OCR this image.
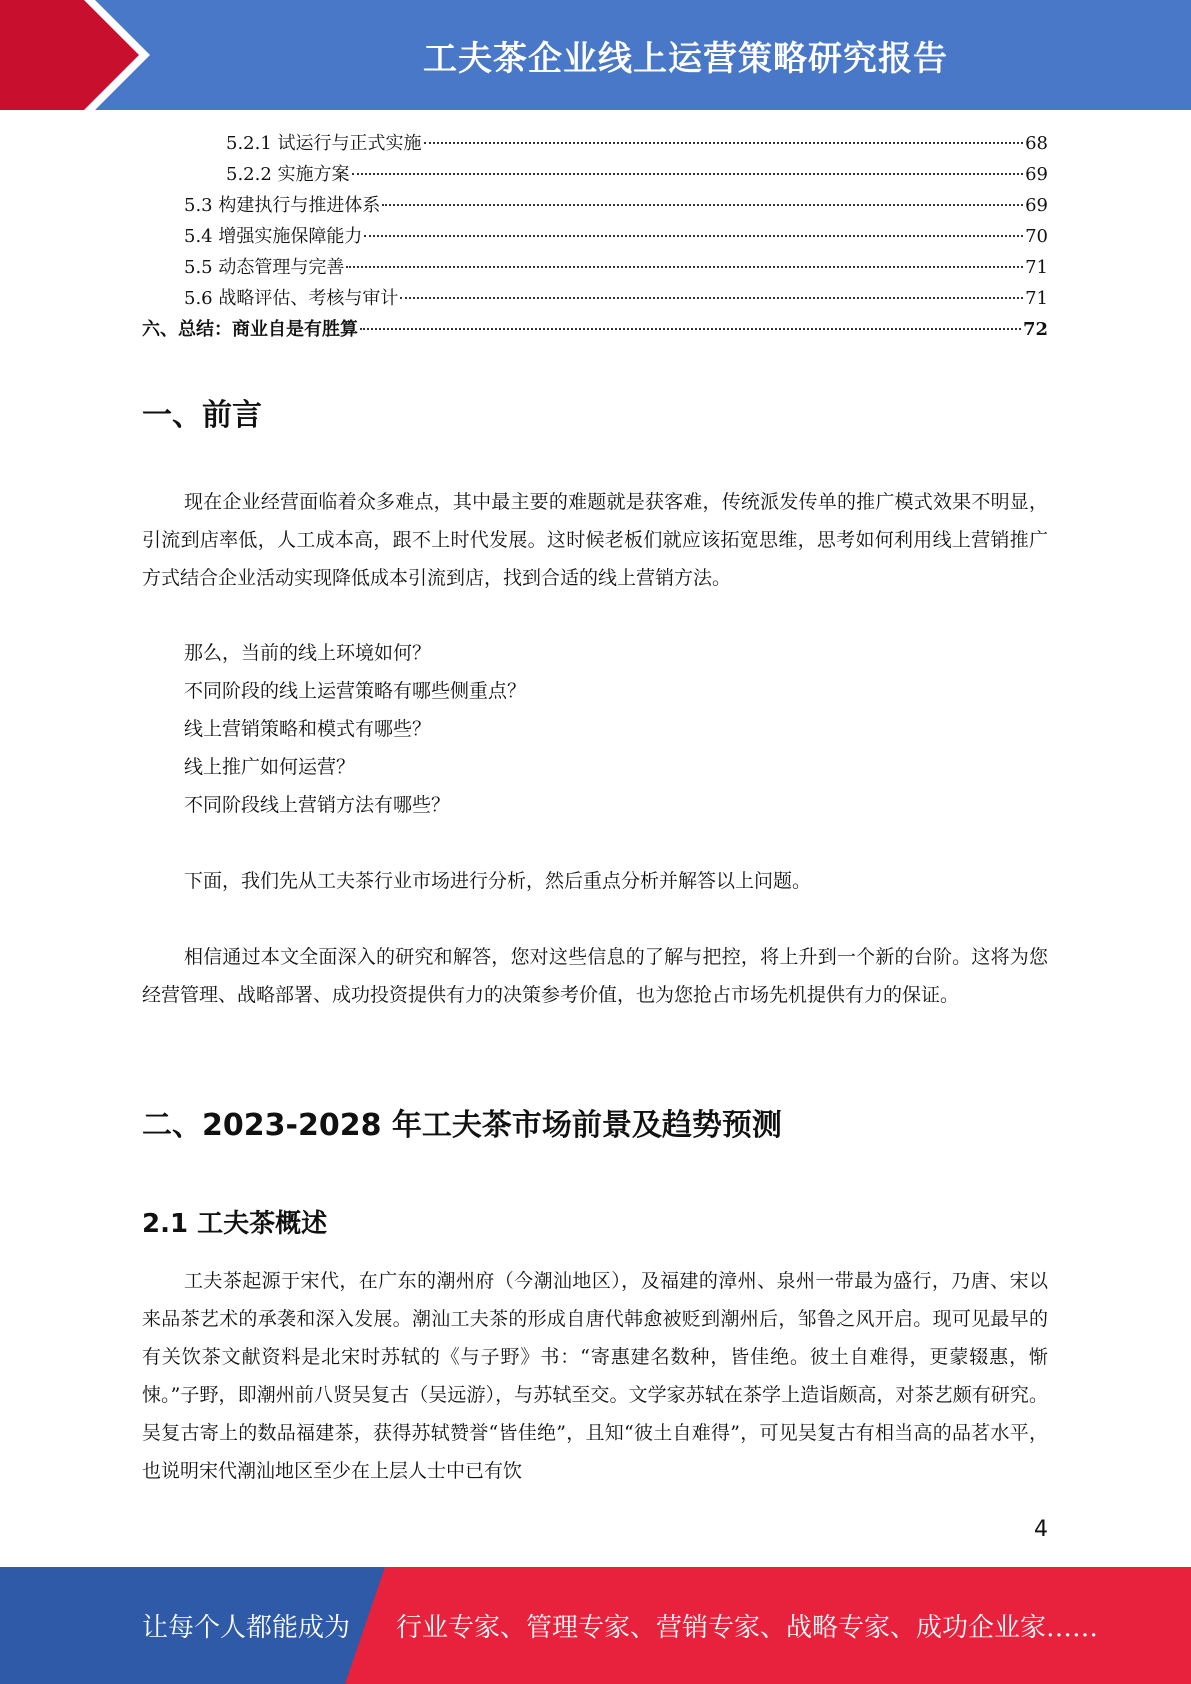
工夫茶企业线上运营策略研究报告
5.2.1 试运行与正式实施	68
5.2.2 实施方案	69
5.3 构建执行与推进体系	69
5.4 增强实施保障能力	70
5.5 动态管理与完善	71
5.6 战略评估、考核与审计	71
六、总结：商业自是有胜算	72
一、前言
现在企业经营面临着众多难点，其中最主要的难题就是获客难，传统派发传单的推广模式效果不明显，引流到店率低，人工成本高，跟不上时代发展。这时候老板们就应该拓宽思维，思考如何利用线上营销推广方式结合企业活动实现降低成本引流到店，找到合适的线上营销方法。
那么，当前的线上环境如何？
不同阶段的线上运营策略有哪些侧重点？
线上营销策略和模式有哪些？
线上推广如何运营？
不同阶段线上营销方法有哪些？
下面，我们先从工夫茶行业市场进行分析，然后重点分析并解答以上问题。
相信通过本文全面深入的研究和解答，您对这些信息的了解与把控，将上升到一个新的台阶。这将为您经营管理、战略部署、成功投资提供有力的决策参考价值，也为您抢占市场先机提供有力的保证。
二、2023-2028 年工夫茶市场前景及趋势预测
2.1 工夫茶概述
工夫茶起源于宋代，在广东的潮州府（今潮汕地区），及福建的漳州、泉州一带最为盛行，乃唐、宋以来品茶艺术的承袭和深入发展。潮汕工夫茶的形成自唐代韩愈被贬到潮州后，邹鲁之风开启。现可见最早的有关饮茶文献资料是北宋时苏轼的《与子野》书：“寄惠建名数种，皆佳绝。彼土自难得，更蒙辍惠，惭悚。”子野，即潮州前八贤吴复古（吴远游），与苏轼至交。文学家苏轼在茶学上造诣颇高，对茶艺颇有研究。吴复古寄上的数品福建茶，获得苏轼赞誉“皆佳绝”，且知“彼土自难得”，可见吴复古有相当高的品茗水平，也说明宋代潮汕地区至少在上层人士中已有饮
4
让每个人都能成为 行业专家、管理专家、营销专家、战略专家、成功企业家……
